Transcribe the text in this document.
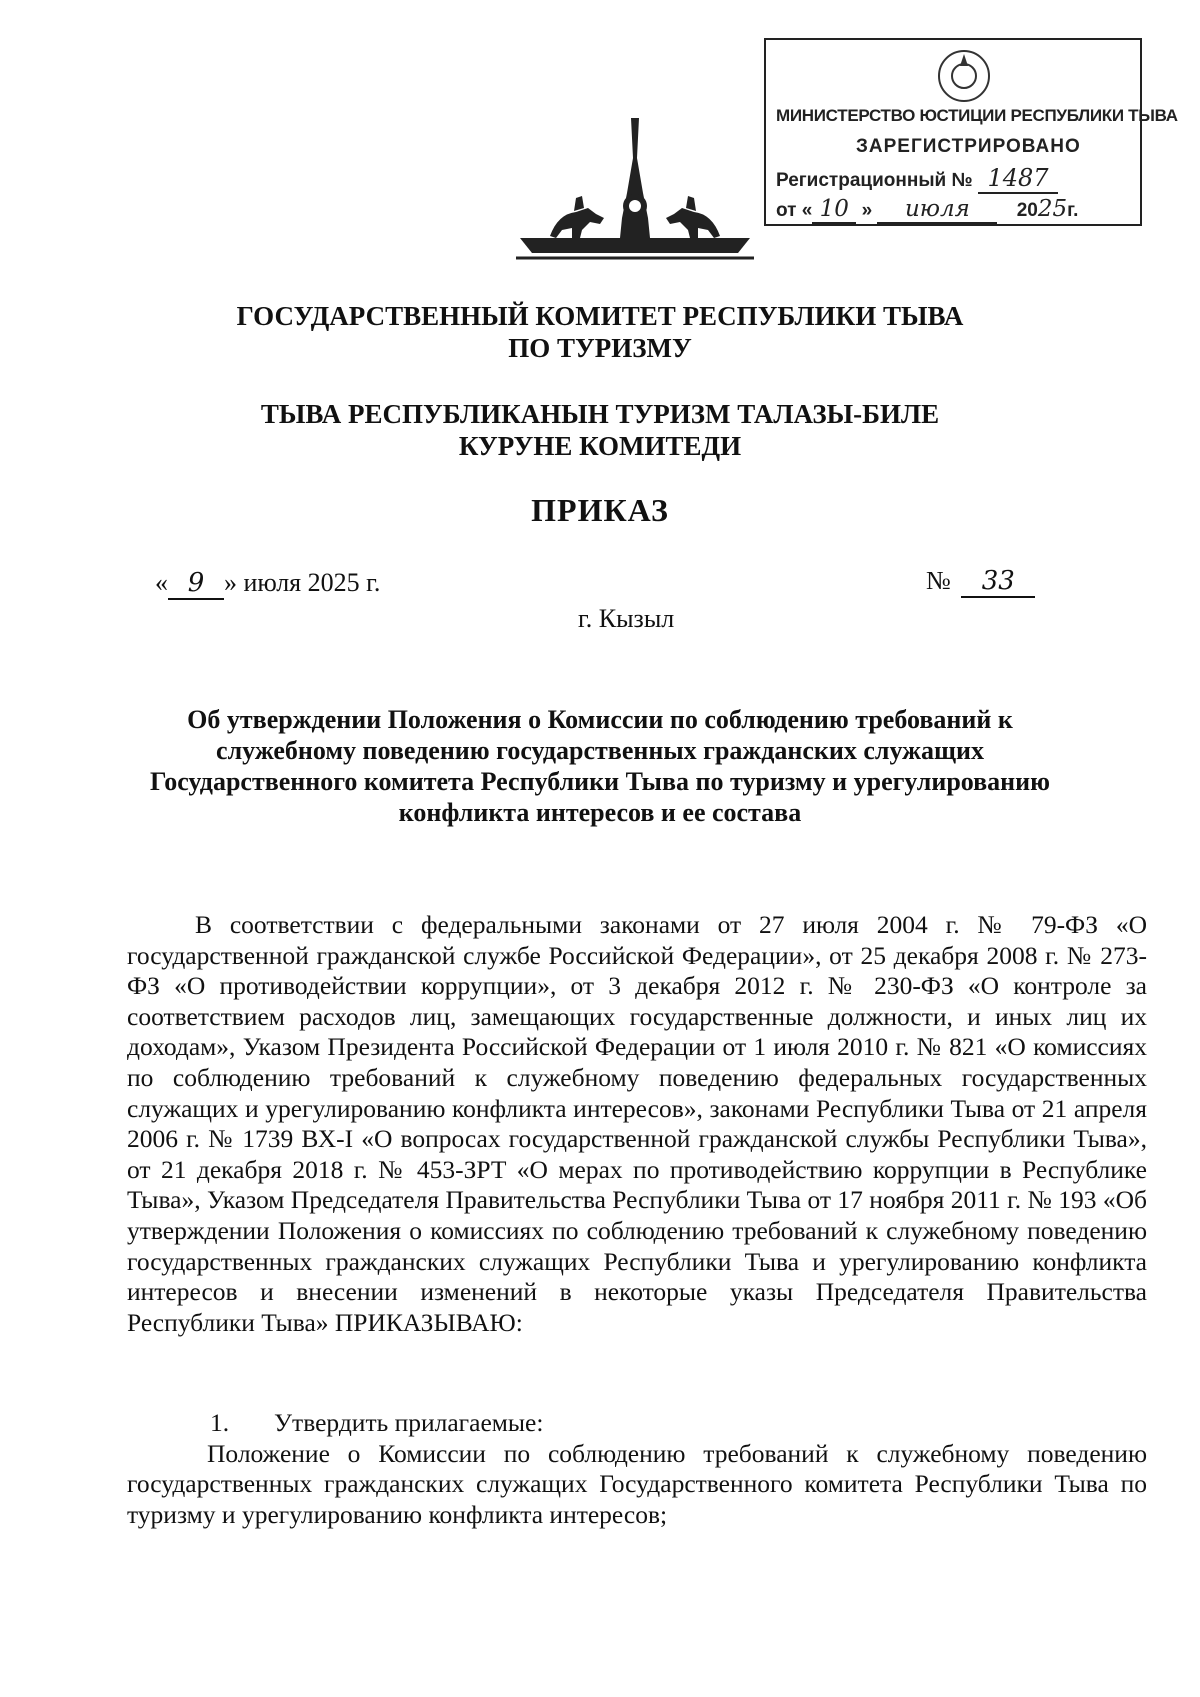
МИНИСТЕРСТВО ЮСТИЦИИ РЕСПУБЛИКИ ТЫВА
ЗАРЕГИСТРИРОВАНО
Регистрационный № 1487
от « 10 » июля 2025г.
ГОСУДАРСТВЕННЫЙ КОМИТЕТ РЕСПУБЛИКИ ТЫВА
ПО ТУРИЗМУ
ТЫВА РЕСПУБЛИКАНЫН ТУРИЗМ ТАЛАЗЫ-БИЛЕ
КУРУНЕ КОМИТЕДИ
ПРИКАЗ
« 9 » июля 2025 г.	№ 33
г. Кызыл
Об утверждении Положения о Комиссии по соблюдению требований к
служебному поведению государственных гражданских служащих
Государственного комитета Республики Тыва по туризму и урегулированию
конфликта интересов и ее состава
В соответствии с федеральными законами от 27 июля 2004 г. № 79-ФЗ «О государственной гражданской службе Российской Федерации», от 25 декабря 2008 г. № 273-ФЗ «О противодействии коррупции», от 3 декабря 2012 г. № 230-ФЗ «О контроле за соответствием расходов лиц, замещающих государственные должности, и иных лиц их доходам», Указом Президента Российской Федерации от 1 июля 2010 г. № 821 «О комиссиях по соблюдению требований к служебному поведению федеральных государственных служащих и урегулированию конфликта интересов», законами Республики Тыва от 21 апреля 2006 г. № 1739 ВХ-I «О вопросах государственной гражданской службы Республики Тыва», от 21 декабря 2018 г. № 453-ЗРТ «О мерах по противодействию коррупции в Республике Тыва», Указом Председателя Правительства Республики Тыва от 17 ноября 2011 г. № 193 «Об утверждении Положения о комиссиях по соблюдению требований к служебному поведению государственных гражданских служащих Республики Тыва и урегулированию конфликта интересов и внесении изменений в некоторые указы Председателя Правительства Республики Тыва» ПРИКАЗЫВАЮ:
1. Утвердить прилагаемые:
Положение о Комиссии по соблюдению требований к служебному поведению государственных гражданских служащих Государственного комитета Республики Тыва по туризму и урегулированию конфликта интересов;
